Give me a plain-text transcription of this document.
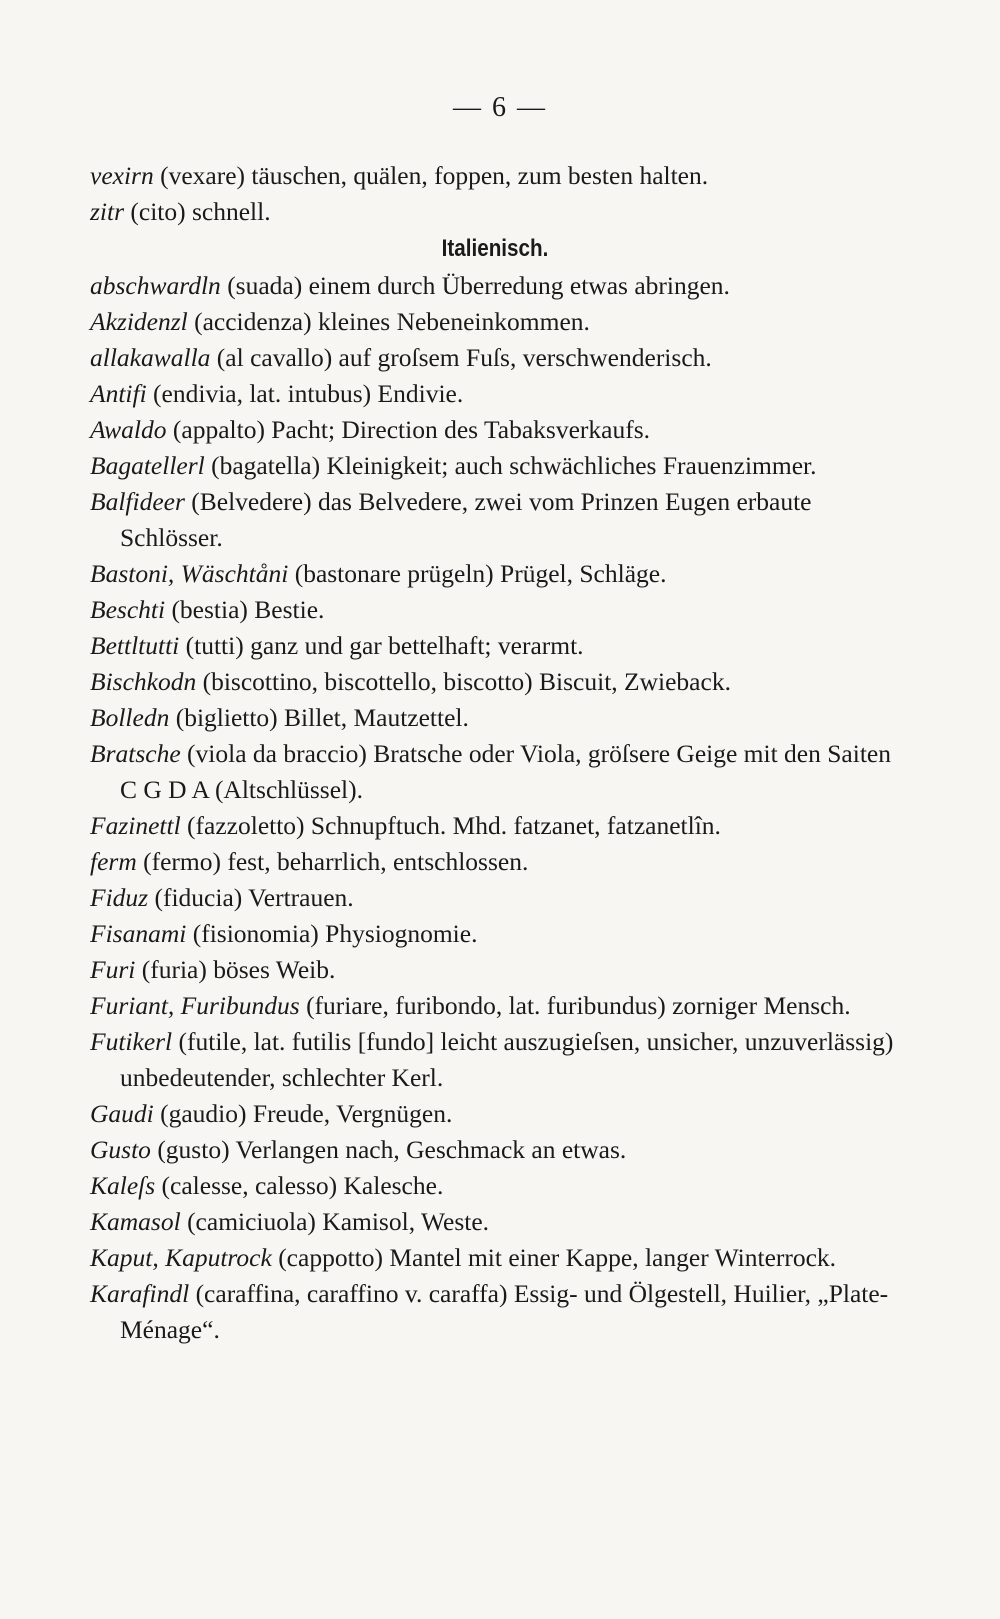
— 6 —

vexirn (vexare) täuschen, quälen, foppen, zum besten halten.

zitr (cito) schnell.

Italienisch.

abschwardln (suada) einem durch Überredung etwas abringen.

Akzidenzl (accidenza) kleines Nebeneinkommen.

allakawalla (al cavallo) auf groſsem Fuſs, verschwenderisch.

Antifi (endivia, lat. intubus) Endivie.

Awaldo (appalto) Pacht; Direction des Tabaksverkaufs.

Bagatellerl (bagatella) Kleinigkeit; auch schwächliches Frauenzimmer.

Balfideer (Belvedere) das Belvedere, zwei vom Prinzen Eugen erbaute Schlösser.

Bastoni, Wäschtåni (bastonare prügeln) Prügel, Schläge.

Beschti (bestia) Bestie.

Bettltutti (tutti) ganz und gar bettelhaft; verarmt.

Bischkodn (biscottino, biscottello, biscotto) Biscuit, Zwieback.

Bolledn (biglietto) Billet, Mautzettel.

Bratsche (viola da braccio) Bratsche oder Viola, gröſsere Geige mit den Saiten C G D A (Altschlüssel).

Fazinettl (fazzoletto) Schnupftuch. Mhd. fatzanet, fatzanetlîn.

ferm (fermo) fest, beharrlich, entschlossen.

Fiduz (fiducia) Vertrauen.

Fisanami (fisionomia) Physiognomie.

Furi (furia) böses Weib.

Furiant, Furibundus (furiare, furibondo, lat. furibundus) zorniger Mensch.

Futikerl (futile, lat. futilis [fundo] leicht auszugieſsen, unsicher, unzuverlässig) unbedeutender, schlechter Kerl.

Gaudi (gaudio) Freude, Vergnügen.

Gusto (gusto) Verlangen nach, Geschmack an etwas.

Kaleſs (calesse, calesso) Kalesche.

Kamasol (camiciuola) Kamisol, Weste.

Kaput, Kaputrock (cappotto) Mantel mit einer Kappe, langer Winterrock.

Karafindl (caraffina, caraffino v. caraffa) Essig- und Ölgestell, Huilier, „Plate-Ménage“.
